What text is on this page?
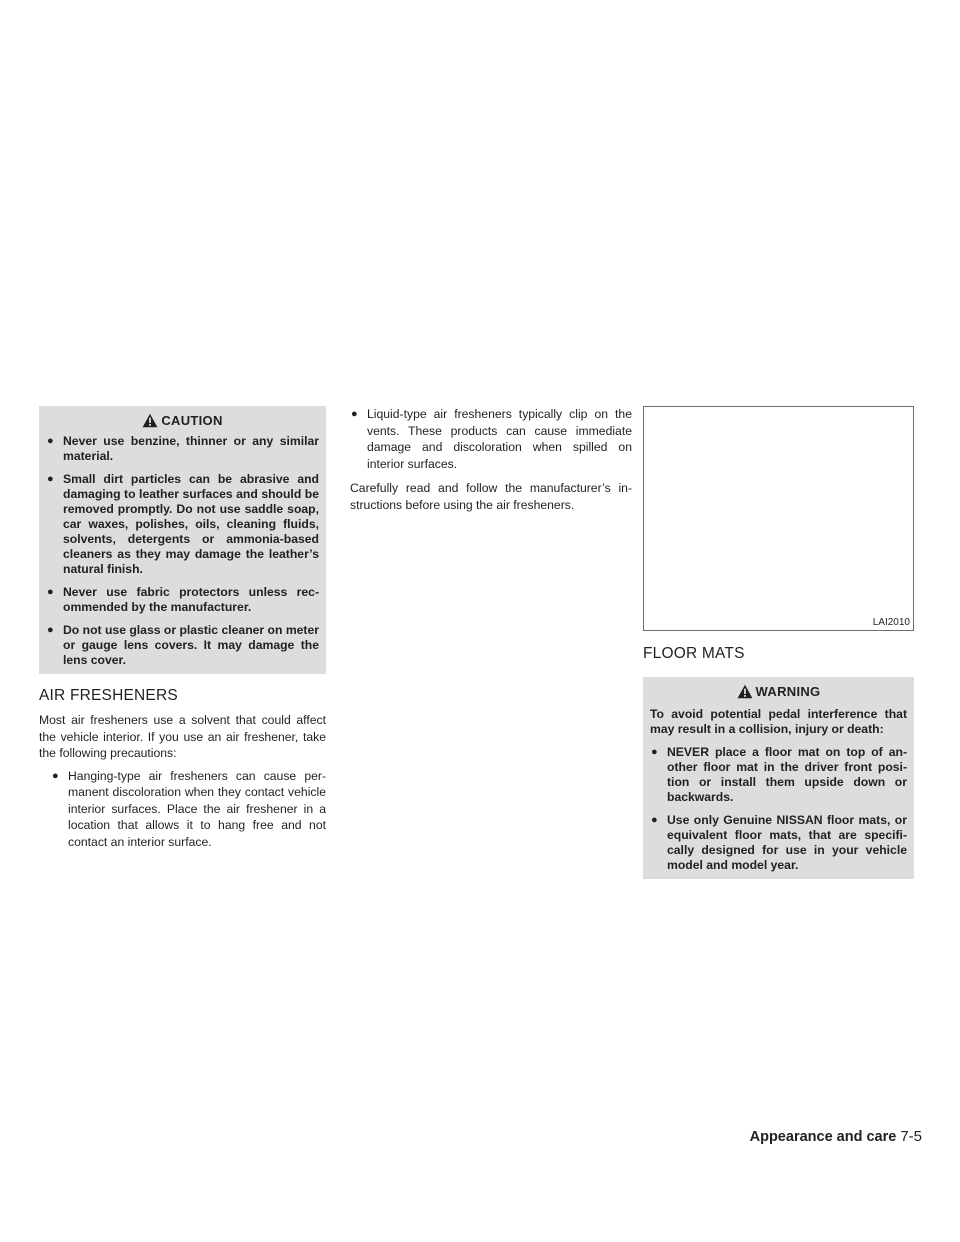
CAUTION
● Never use benzine, thinner or any similar material.
● Small dirt particles can be abrasive and damaging to leather surfaces and should be removed promptly. Do not use saddle soap, car waxes, polishes, oils, cleaning fluids, solvents, detergents or ammonia-based cleaners as they may damage the leather’s natural finish.
● Never use fabric protectors unless recommended by the manufacturer.
● Do not use glass or plastic cleaner on meter or gauge lens covers. It may damage the lens cover.
AIR FRESHENERS

Most air fresheners use a solvent that could affect the vehicle interior. If you use an air freshener, take the following precautions:

● Hanging-type air fresheners can cause permanent discoloration when they contact vehicle interior surfaces. Place the air freshener in a location that allows it to hang free and not contact an interior surface.
● Liquid-type air fresheners typically clip on the vents. These products can cause immediate damage and discoloration when spilled on interior surfaces.

Carefully read and follow the manufacturer’s instructions before using the air fresheners.

LAI2010
FLOOR MATS
WARNING

To avoid potential pedal interference that may result in a collision, injury or death:

● NEVER place a floor mat on top of another floor mat in the driver front position or install them upside down or backwards.
● Use only Genuine NISSAN floor mats, or equivalent floor mats, that are specifically designed for use in your vehicle model and model year.
Appearance and care 7-5
